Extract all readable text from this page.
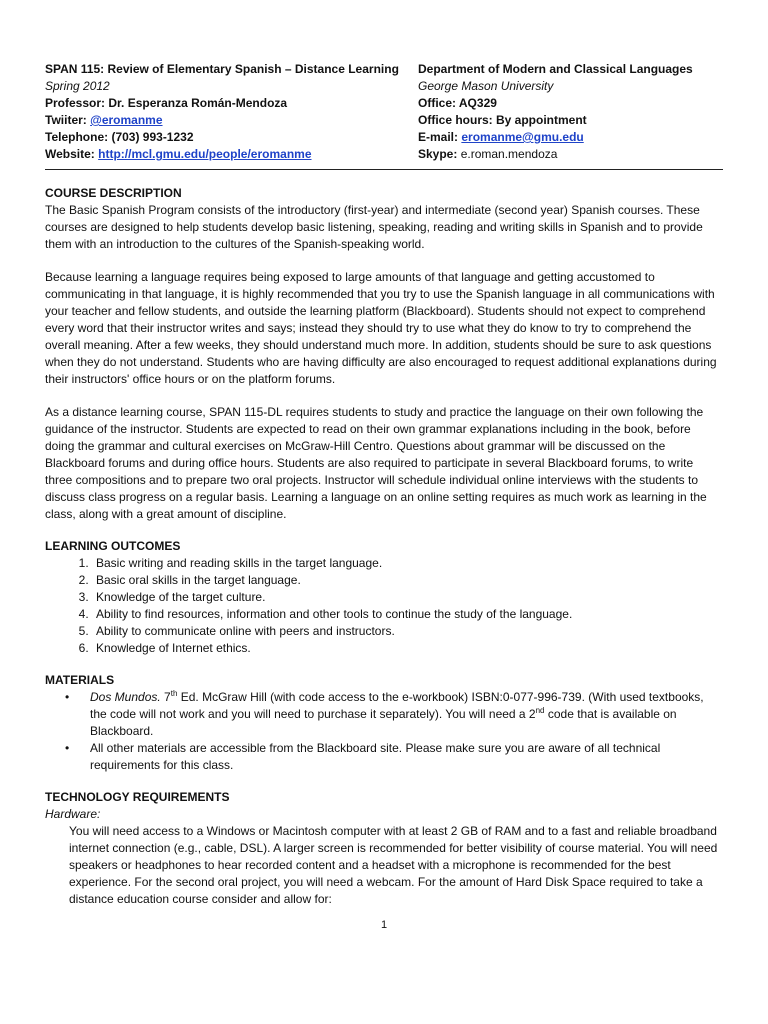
SPAN 115: Review of Elementary Spanish – Distance Learning
Spring 2012
Professor: Dr. Esperanza Román-Mendoza
Twiiter: @eromanme
Telephone: (703) 993-1232
Website: http://mcl.gmu.edu/people/eromanme
Department of Modern and Classical Languages
George Mason University
Office: AQ329
Office hours: By appointment
E-mail: eromanme@gmu.edu
Skype: e.roman.mendoza
COURSE DESCRIPTION

The Basic Spanish Program consists of the introductory (first-year) and intermediate (second year) Spanish courses. These courses are designed to help students develop basic listening, speaking, reading and writing skills in Spanish and to provide them with an introduction to the cultures of the Spanish-speaking world.

Because learning a language requires being exposed to large amounts of that language and getting accustomed to communicating in that language, it is highly recommended that you try to use the Spanish language in all communications with your teacher and fellow students, and outside the learning platform (Blackboard). Students should not expect to comprehend every word that their instructor writes and says; instead they should try to use what they do know to try to comprehend the overall meaning. After a few weeks, they should understand much more. In addition, students should be sure to ask questions when they do not understand. Students who are having difficulty are also encouraged to request additional explanations during their instructors' office hours or on the platform forums.

As a distance learning course, SPAN 115-DL requires students to study and practice the language on their own following the guidance of the instructor. Students are expected to read on their own grammar explanations including in the book, before doing the grammar and cultural exercises on McGraw-Hill Centro. Questions about grammar will be discussed on the Blackboard forums and during office hours. Students are also required to participate in several Blackboard forums, to write three compositions and to prepare two oral projects. Instructor will schedule individual online interviews with the students to discuss class progress on a regular basis. Learning a language on an online setting requires as much work as learning in the class, along with a great amount of discipline.

LEARNING OUTCOMES
1. Basic writing and reading skills in the target language.
2. Basic oral skills in the target language.
3. Knowledge of the target culture.
4. Ability to find resources, information and other tools to continue the study of the language.
5. Ability to communicate online with peers and instructors.
6. Knowledge of Internet ethics.
MATERIALS
• Dos Mundos. 7th Ed. McGraw Hill (with code access to the e-workbook) ISBN:0-077-996-739. (With used textbooks, the code will not work and you will need to purchase it separately). You will need a 2nd code that is available on Blackboard.
• All other materials are accessible from the Blackboard site. Please make sure you are aware of all technical requirements for this class.
TECHNOLOGY REQUIREMENTS
Hardware:
You will need access to a Windows or Macintosh computer with at least 2 GB of RAM and to a fast and reliable broadband internet connection (e.g., cable, DSL). A larger screen is recommended for better visibility of course material. You will need speakers or headphones to hear recorded content and a headset with a microphone is recommended for the best experience. For the second oral project, you will need a webcam. For the amount of Hard Disk Space required to take a distance education course consider and allow for:
1
